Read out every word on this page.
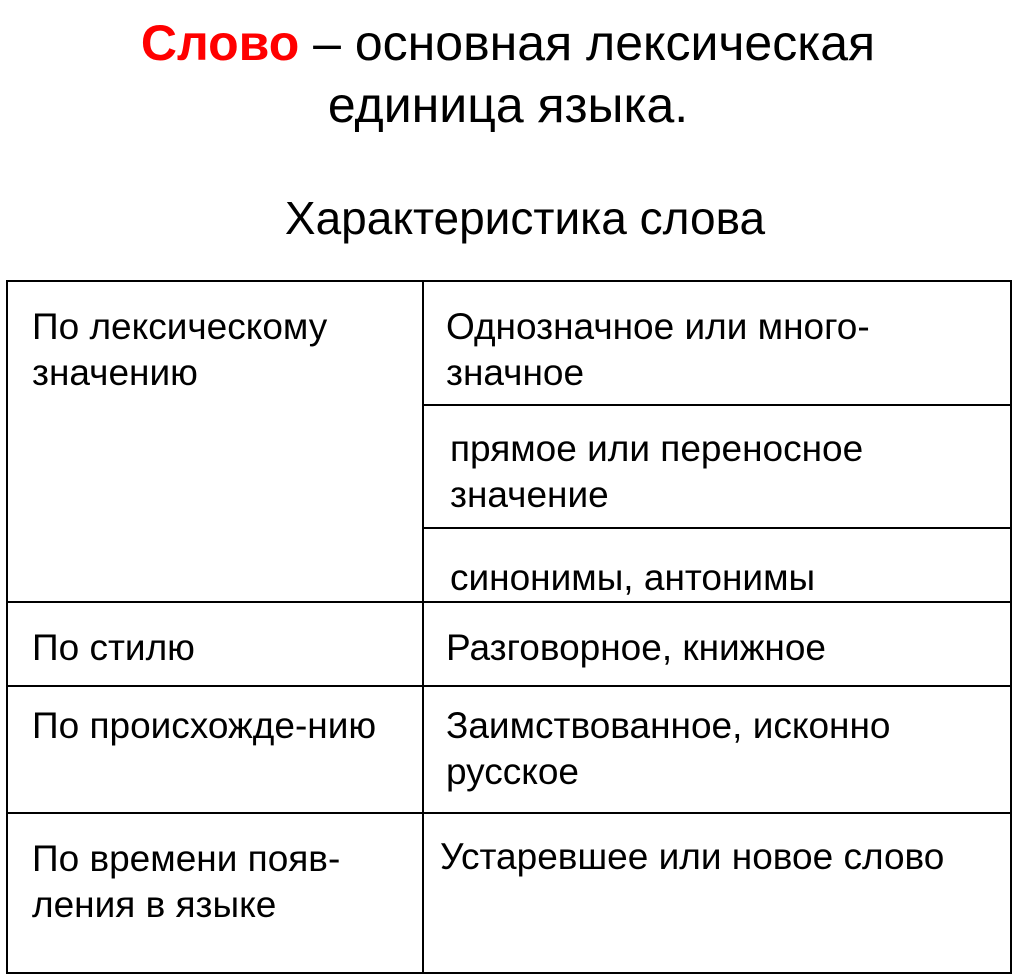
Слово – основная лексическая
единица языка.
Характеристика слова
По лексическому значению	Однозначное или много-значное
	прямое или переносное значение
	синонимы, антонимы
По стилю	Разговорное, книжное
По происхожде-нию	Заимствованное, исконно русское
По времени появ-ления в языке	Устаревшее или новое слово
